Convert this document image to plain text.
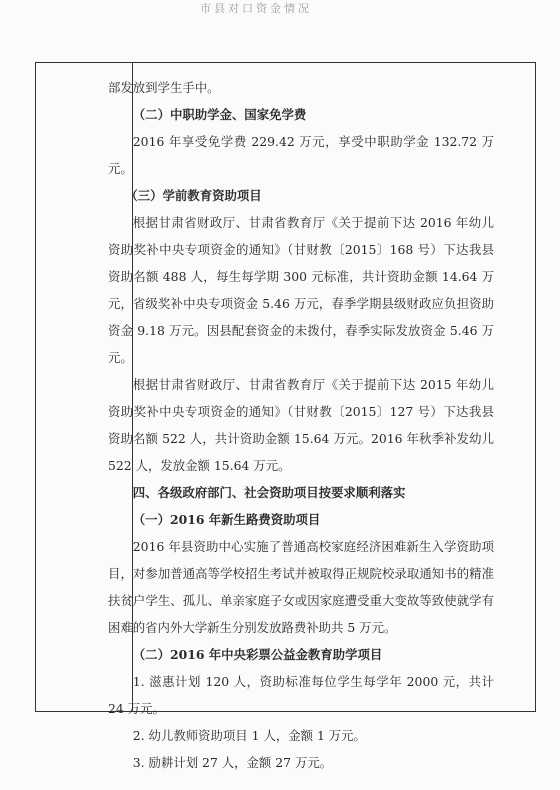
市县对口资金情况

部发放到学生手中。

（二）中职助学金、国家免学费

2016 年享受免学费 229.42 万元，享受中职助学金 132.72 万元。

（三）学前教育资助项目

根据甘肃省财政厅、甘肃省教育厅《关于提前下达 2016 年幼儿资助奖补中央专项资金的通知》（甘财教〔2015〕168 号）下达我县资助名额 488 人，每生每学期 300 元标准，共计资助金额 14.64 万元，省级奖补中央专项资金 5.46 万元，春季学期县级财政应负担资助资金 9.18 万元。因县配套资金的未拨付，春季实际发放资金 5.46 万元。

根据甘肃省财政厅、甘肃省教育厅《关于提前下达 2015 年幼儿资助奖补中央专项资金的通知》（甘财教〔2015〕127 号）下达我县资助名额 522 人，共计资助金额 15.64 万元。2016 年秋季补发幼儿 522 人，发放金额 15.64 万元。

四、各级政府部门、社会资助项目按要求顺利落实

（一）2016 年新生路费资助项目

2016 年县资助中心实施了普通高校家庭经济困难新生入学资助项目，对参加普通高等学校招生考试并被取得正规院校录取通知书的精准扶贫户学生、孤儿、单亲家庭子女或因家庭遭受重大变故等致使就学有困难的省内外大学新生分别发放路费补助共 5 万元。

（二）2016 年中央彩票公益金教育助学项目

1. 滋惠计划 120 人，资助标准每位学生每学年 2000 元，共计 24 万元。

2. 幼儿教师资助项目 1 人，金额 1 万元。

3. 励耕计划 27 人，金额 27 万元。
